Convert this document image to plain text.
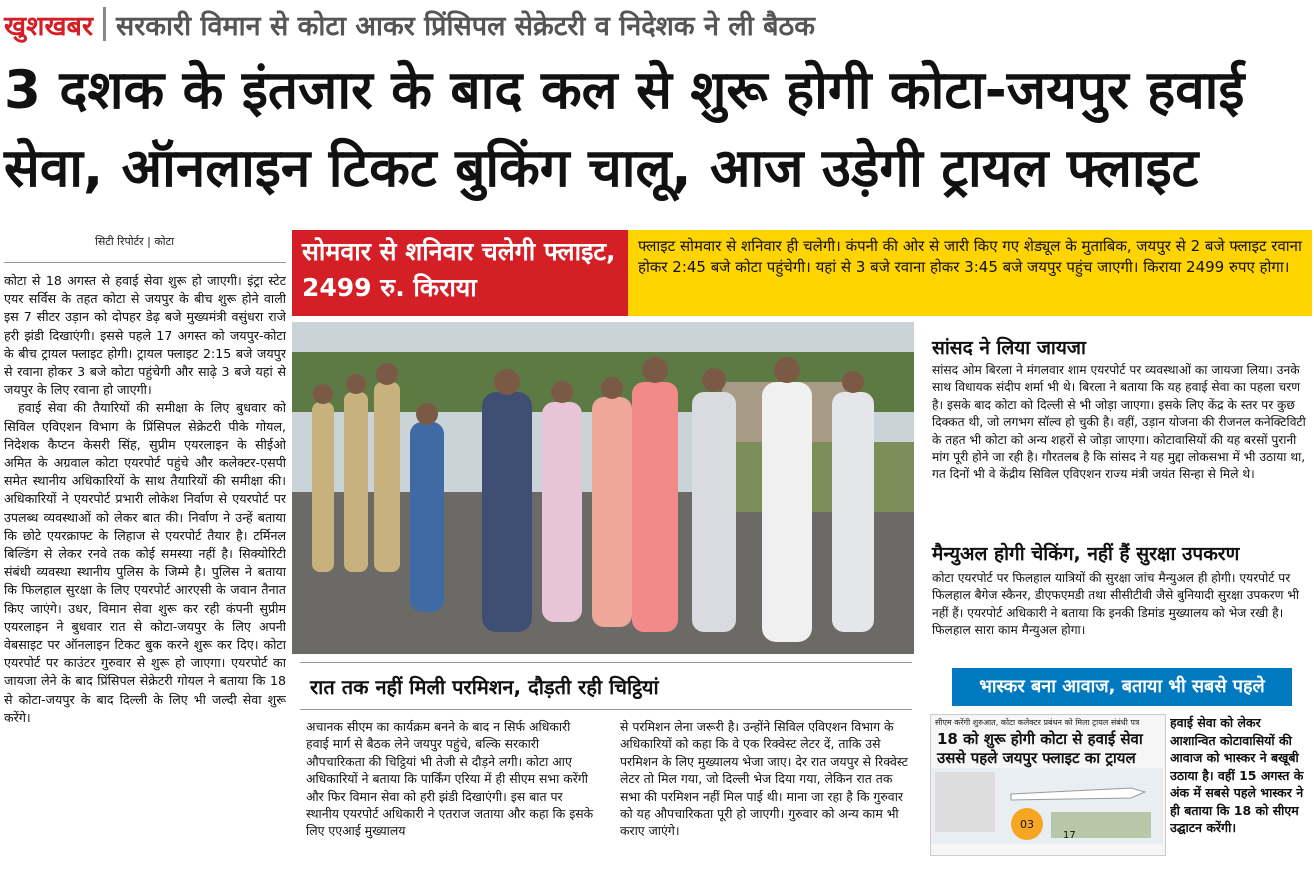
खुशखबर सरकारी विमान से कोटा आकर प्रिंसिपल सेक्रेटरी व निदेशक ने ली बैठक
3 दशक के इंतजार के बाद कल से शुरू होगी कोटा-जयपुर हवाई सेवा, ऑनलाइन टिकट बुकिंग चालू, आज उड़ेगी ट्रायल फ्लाइट
सिटी रिपोर्टर | कोटा

कोटा से 18 अगस्त से हवाई सेवा शुरू हो जाएगी। इंट्रा स्टेट एयर सर्विस के तहत कोटा से जयपुर के बीच शुरू होने वाली इस 7 सीटर उड़ान को दोपहर डेढ़ बजे मुख्यमंत्री वसुंधरा राजे हरी झंडी दिखाएंगी। इससे पहले 17 अगस्त को जयपुर-कोटा के बीच ट्रायल फ्लाइट होगी। ट्रायल फ्लाइट 2:15 बजे जयपुर से रवाना होकर 3 बजे कोटा पहुंचेगी और साढ़े 3 बजे यहां से जयपुर के लिए रवाना हो जाएगी।

हवाई सेवा की तैयारियों की समीक्षा के लिए बुधवार को सिविल एविएशन विभाग के प्रिंसिपल सेक्रेटरी पीके गोयल, निदेशक कैप्टन केसरी सिंह, सुप्रीम एयरलाइन के सीईओ अमित के अग्रवाल कोटा एयरपोर्ट पहुंचे और कलेक्टर-एसपी समेत स्थानीय अधिकारियों के साथ तैयारियों की समीक्षा की। अधिकारियों ने एयरपोर्ट प्रभारी लोकेश निर्वाण से एयरपोर्ट पर उपलब्ध व्यवस्थाओं को लेकर बात की। निर्वाण ने उन्हें बताया कि छोटे एयरक्राफ्ट के लिहाज से एयरपोर्ट तैयार है। टर्मिनल बिल्डिंग से लेकर रनवे तक कोई समस्या नहीं है। सिक्योरिटी संबंधी व्यवस्था स्थानीय पुलिस के जिम्मे है। पुलिस ने बताया कि फिलहाल सुरक्षा के लिए एयरपोर्ट आरएसी के जवान तैनात किए जाएंगे। उधर, विमान सेवा शुरू कर रही कंपनी सुप्रीम एयरलाइन ने बुधवार रात से कोटा-जयपुर के लिए अपनी वेबसाइट पर ऑनलाइन टिकट बुक करने शुरू कर दिए। कोटा एयरपोर्ट पर काउंटर गुरुवार से शुरू हो जाएगा। एयरपोर्ट का जायजा लेने के बाद प्रिंसिपल सेक्रेटरी गोयल ने बताया कि 18 से कोटा-जयपुर के बाद दिल्ली के लिए भी जल्दी सेवा शुरू करेंगे।

सोमवार से शनिवार चलेगी फ्लाइट, 2499 रु. किराया
फ्लाइट सोमवार से शनिवार ही चलेगी। कंपनी की ओर से जारी किए गए शेड्यूल के मुताबिक, जयपुर से 2 बजे फ्लाइट रवाना होकर 2:45 बजे कोटा पहुंचेगी। यहां से 3 बजे रवाना होकर 3:45 बजे जयपुर पहुंच जाएगी। किराया 2499 रुपए होगा।
सांसद ने लिया जायजा
सांसद ओम बिरला ने मंगलवार शाम एयरपोर्ट पर व्यवस्थाओं का जायजा लिया। उनके साथ विधायक संदीप शर्मा भी थे। बिरला ने बताया कि यह हवाई सेवा का पहला चरण है। इसके बाद कोटा को दिल्ली से भी जोड़ा जाएगा। इसके लिए केंद्र के स्तर पर कुछ दिक्कत थी, जो लगभग सॉल्व हो चुकी है। वहीं, उड़ान योजना की रीजनल कनेक्टिविटी के तहत भी कोटा को अन्य शहरों से जोड़ा जाएगा। कोटावासियों की यह बरसों पुरानी मांग पूरी होने जा रही है। गौरतलब है कि सांसद ने यह मुद्दा लोकसभा में भी उठाया था, गत दिनों भी वे केंद्रीय सिविल एविएशन राज्य मंत्री जयंत सिन्हा से मिले थे।
मैन्युअल होगी चेकिंग, नहीं हैं सुरक्षा उपकरण
कोटा एयरपोर्ट पर फिलहाल यात्रियों की सुरक्षा जांच मैन्युअल ही होगी। एयरपोर्ट पर फिलहाल बैगेज स्कैनर, डीएफएमडी तथा सीसीटीवी जैसे बुनियादी सुरक्षा उपकरण भी नहीं हैं। एयरपोर्ट अधिकारी ने बताया कि इनकी डिमांड मुख्यालय को भेज रखी है। फिलहाल सारा काम मैन्युअल होगा।
रात तक नहीं मिली परमिशन, दौड़ती रही चिट्ठियां
अचानक सीएम का कार्यक्रम बनने के बाद न सिर्फ अधिकारी हवाई मार्ग से बैठक लेने जयपुर पहुंचे, बल्कि सरकारी औपचारिकता की चिट्ठियां भी तेजी से दौड़ने लगी। कोटा आए अधिकारियों ने बताया कि पार्किंग एरिया में ही सीएम सभा करेंगी और फिर विमान सेवा को हरी झंडी दिखाएंगी। इस बात पर स्थानीय एयरपोर्ट अधिकारी ने एतराज जताया और कहा कि इसके लिए एएआई मुख्यालय
से परमिशन लेना जरूरी है। उन्होंने सिविल एविएशन विभाग के अधिकारियों को कहा कि वे एक रिक्वेस्ट लेटर दें, ताकि उसे परमिशन के लिए मुख्यालय भेजा जाए। देर रात जयपुर से रिक्वेस्ट लेटर तो मिल गया, जो दिल्ली भेज दिया गया, लेकिन रात तक सभा की परमिशन नहीं मिल पाई थी। माना जा रहा है कि गुरुवार को यह औपचारिकता पूरी हो जाएगी। गुरुवार को अन्य काम भी कराए जाएंगे।
भास्कर बना आवाज, बताया भी सबसे पहले
सीएम करेंगी शुरुआत, कोटा कलेक्टर प्रबंधन को मिला ट्रायल संबंधी पत्र
18 को शुरू होगी कोटा से हवाई सेवा उससे पहले जयपुर फ्लाइट का ट्रायल
03
17
हवाई सेवा को लेकर आशान्वित कोटावासियों की आवाज को भास्कर ने बखूबी उठाया है। वहीं 15 अगस्त के अंक में सबसे पहले भास्कर ने ही बताया कि 18 को सीएम उद्घाटन करेंगी।
